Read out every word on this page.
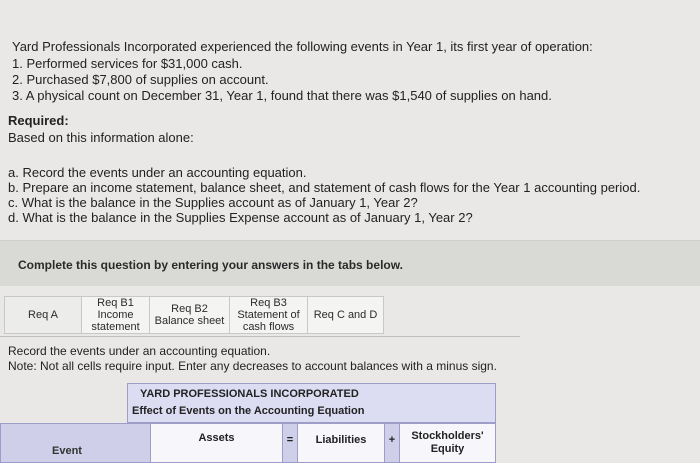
Yard Professionals Incorporated experienced the following events in Year 1, its first year of operation:
1. Performed services for $31,000 cash.
2. Purchased $7,800 of supplies on account.
3. A physical count on December 31, Year 1, found that there was $1,540 of supplies on hand.
Required:
Based on this information alone:
a. Record the events under an accounting equation.
b. Prepare an income statement, balance sheet, and statement of cash flows for the Year 1 accounting period.
c. What is the balance in the Supplies account as of January 1, Year 2?
d. What is the balance in the Supplies Expense account as of January 1, Year 2?
Complete this question by entering your answers in the tabs below.
Req A
Req B1
Income
statement
Req B2
Balance sheet
Req B3
Statement of
cash flows
Req C and D
Record the events under an accounting equation.
Note: Not all cells require input. Enter any decreases to account balances with a minus sign.
YARD PROFESSIONALS INCORPORATED
Effect of Events on the Accounting Equation
Assets	= Liabilities + Stockholders'
Equity
Event
